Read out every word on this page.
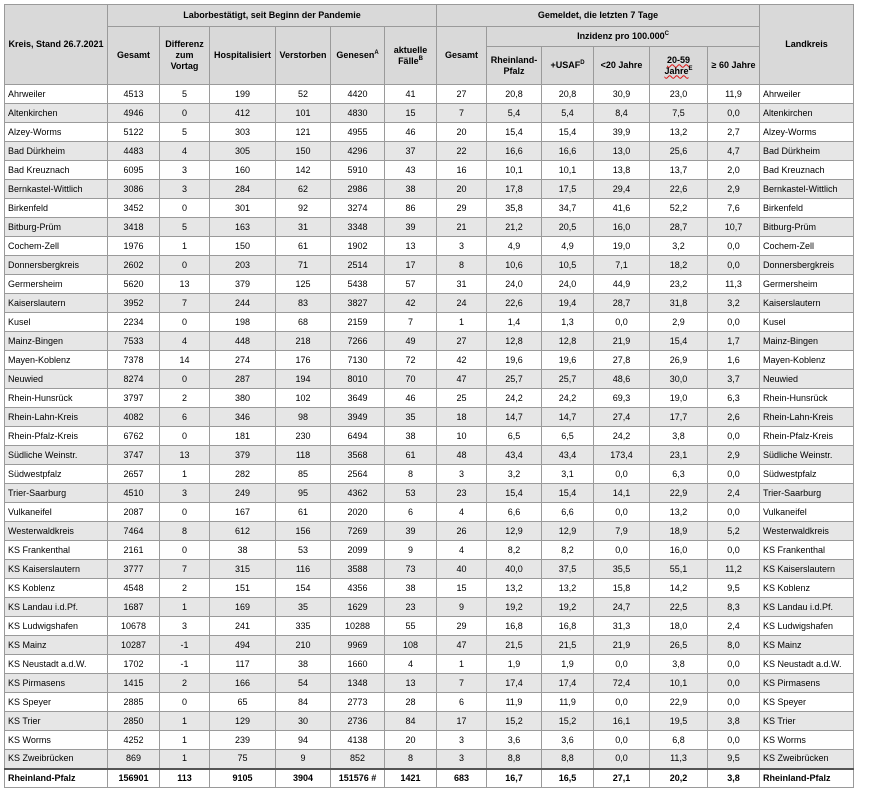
Kreis, Stand 26.7.2021	Laborbestätigt, seit Beginn der Pandemie						Gemeldet, die letzten 7 Tage						Landkreis
	Gesamt	Differenz zum Vortag	Hospitalisiert	Verstorben	Genesen$^A$	aktuelle Fälle$^B$	Gesamt	Inzidenz pro $100.000^C$
								Rheinland-Pfalz	$+USAF^D$	<20 Jahre	20-59 Jahre$^E$	≥ 60 Jahre	
Ahrweiler	4513	5	199	52	4420	41	27	20,8	20,8	30,9	23,0	11,9	Ahrweiler
Altenkirchen	4946	0	412	101	4830	15	7	5,4	5,4	8,4	7,5	0,0	Altenkirchen
Alzey-Worms	5122	5	303	121	4955	46	20	15,4	15,4	39,9	13,2	2,7	Alzey-Worms
Bad Dürkheim	4483	4	305	150	4296	37	22	16,6	16,6	13,0	25,6	4,7	Bad Dürkheim
Bad Kreuznach	6095	3	160	142	5910	43	16	10,1	10,1	13,8	13,7	2,0	Bad Kreuznach
Bernkastel-Wittlich	3086	3	284	62	2986	38	20	17,8	17,5	29,4	22,6	2,9	Bernkastel-Wittlich
Birkenfeld	3452	0	301	92	3274	86	29	35,8	34,7	41,6	52,2	7,6	Birkenfeld
Bitburg-Prüm	3418	5	163	31	3348	39	21	21,2	20,5	16,0	28,7	10,7	Bitburg-Prüm
Cochem-Zell	1976	1	150	61	1902	13	3	4,9	4,9	19,0	3,2	0,0	Cochem-Zell
Donnersbergkreis	2602	0	203	71	2514	17	8	10,6	10,5	7,1	18,2	0,0	Donnersbergkreis
Germersheim	5620	13	379	125	5438	57	31	24,0	24,0	44,9	23,2	11,3	Germersheim
Kaiserslautern	3952	7	244	83	3827	42	24	22,6	19,4	28,7	31,8	3,2	Kaiserslautern
Kusel	2234	0	198	68	2159	7	1	1,4	1,3	0,0	2,9	0,0	Kusel
Mainz-Bingen	7533	4	448	218	7266	49	27	12,8	12,8	21,9	15,4	1,7	Mainz-Bingen
Mayen-Koblenz	7378	14	274	176	7130	72	42	19,6	19,6	27,8	26,9	1,6	Mayen-Koblenz
Neuwied	8274	0	287	194	8010	70	47	25,7	25,7	48,6	30,0	3,7	Neuwied
Rhein-Hunsrück	3797	2	380	102	3649	46	25	24,2	24,2	69,3	19,0	6,3	Rhein-Hunsrück
Rhein-Lahn-Kreis	4082	6	346	98	3949	35	18	14,7	14,7	27,4	17,7	2,6	Rhein-Lahn-Kreis
Rhein-Pfalz-Kreis	6762	0	181	230	6494	38	10	6,5	6,5	24,2	3,8	0,0	Rhein-Pfalz-Kreis
Südliche Weinstr.	3747	13	379	118	3568	61	48	43,4	43,4	173,4	23,1	2,9	Südliche Weinstr.
Südwestpfalz	2657	1	282	85	2564	8	3	3,2	3,1	0,0	6,3	0,0	Südwestpfalz
Trier-Saarburg	4510	3	249	95	4362	53	23	15,4	15,4	14,1	22,9	2,4	Trier-Saarburg
Vulkaneifel	2087	0	167	61	2020	6	4	6,6	6,6	0,0	13,2	0,0	Vulkaneifel
Westerwaldkreis	7464	8	612	156	7269	39	26	12,9	12,9	7,9	18,9	5,2	Westerwaldkreis
KS Frankenthal	2161	0	38	53	2099	9	4	8,2	8,2	0,0	16,0	0,0	KS Frankenthal
KS Kaiserslautern	3777	7	315	116	3588	73	40	40,0	37,5	35,5	55,1	11,2	KS Kaiserslautern
KS Koblenz	4548	2	151	154	4356	38	15	13,2	13,2	15,8	14,2	9,5	KS Koblenz
KS Landau i.d.Pf.	1687	1	169	35	1629	23	9	19,2	19,2	24,7	22,5	8,3	KS Landau i.d.Pf.
KS Ludwigshafen	10678	3	241	335	10288	55	29	16,8	16,8	31,3	18,0	2,4	KS Ludwigshafen
KS Mainz	10287	-1	494	210	9969	108	47	21,5	21,5	21,9	26,5	8,0	KS Mainz
KS Neustadt a.d.W.	1702	-1	117	38	1660	4	1	1,9	1,9	0,0	3,8	0,0	KS Neustadt a.d.W.
KS Pirmasens	1415	2	166	54	1348	13	7	17,4	17,4	72,4	10,1	0,0	KS Pirmasens
KS Speyer	2885	0	65	84	2773	28	6	11,9	11,9	0,0	22,9	0,0	KS Speyer
KS Trier	2850	1	129	30	2736	84	17	15,2	15,2	16,1	19,5	3,8	KS Trier
KS Worms	4252	1	239	94	4138	20	3	3,6	3,6	0,0	6,8	0,0	KS Worms
KS Zweibrücken	869	1	75	9	852	8	3	8,8	8,8	0,0	11,3	9,5	KS Zweibrücken
Rheinland-Pfalz	156901	113	9105	3904	151576 #	1421	683	16,7	16,5	27,1	20,2	3,8	Rheinland-Pfalz
